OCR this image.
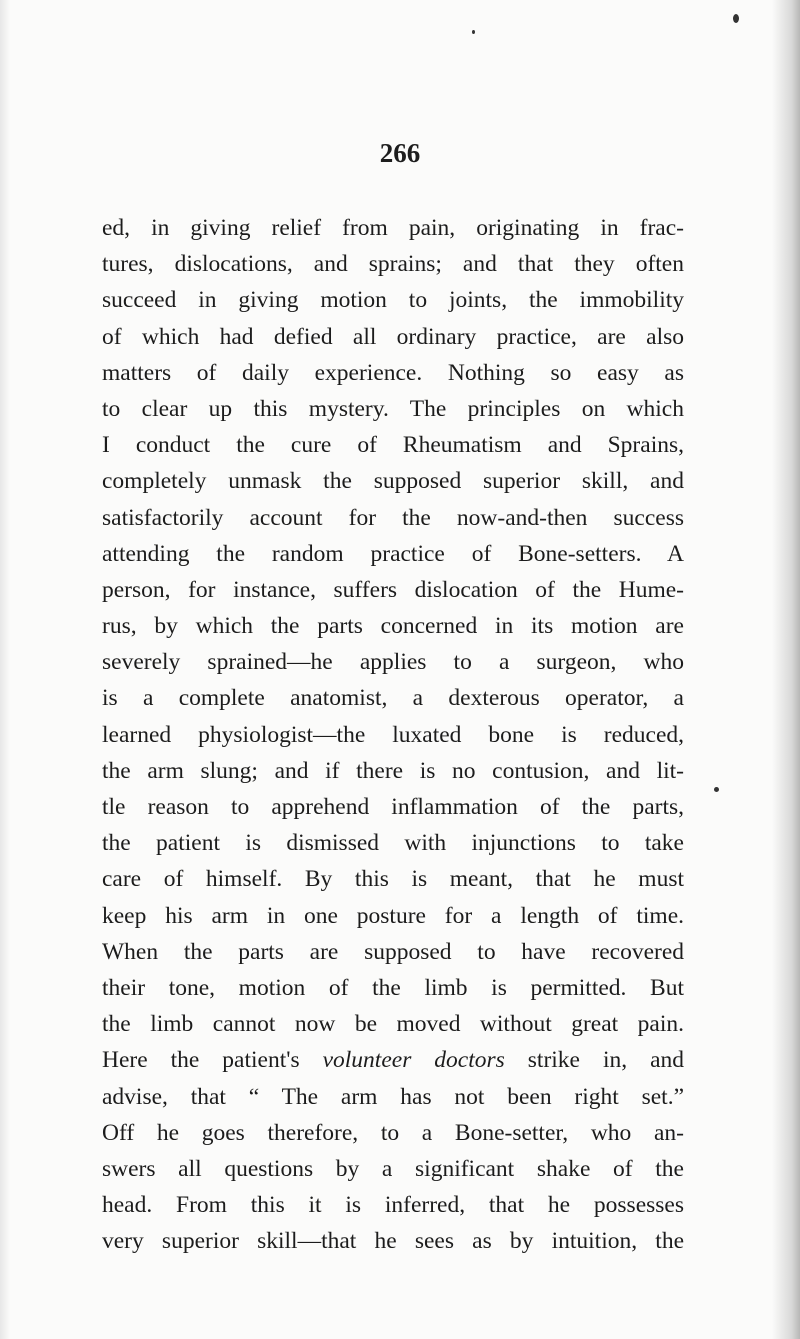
266
ed, in giving relief from pain, originating in frac-
tures, dislocations, and sprains; and that they often
succeed in giving motion to joints, the immobility
of which had defied all ordinary practice, are also
matters of daily experience. Nothing so easy as
to clear up this mystery. The principles on which
I conduct the cure of Rheumatism and Sprains,
completely unmask the supposed superior skill, and
satisfactorily account for the now-and-then success
attending the random practice of Bone-setters. A
person, for instance, suffers dislocation of the Hume-
rus, by which the parts concerned in its motion are
severely sprained—he applies to a surgeon, who
is a complete anatomist, a dexterous operator, a
learned physiologist—the luxated bone is reduced,
the arm slung; and if there is no contusion, and lit-
tle reason to apprehend inflammation of the parts,
the patient is dismissed with injunctions to take
care of himself. By this is meant, that he must
keep his arm in one posture for a length of time.
When the parts are supposed to have recovered
their tone, motion of the limb is permitted. But
the limb cannot now be moved without great pain.
Here the patient's volunteer doctors strike in, and
advise, that “ The arm has not been right set.”
Off he goes therefore, to a Bone-setter, who an-
swers all questions by a significant shake of the
head. From this it is inferred, that he possesses
very superior skill—that he sees as by intuition, the
